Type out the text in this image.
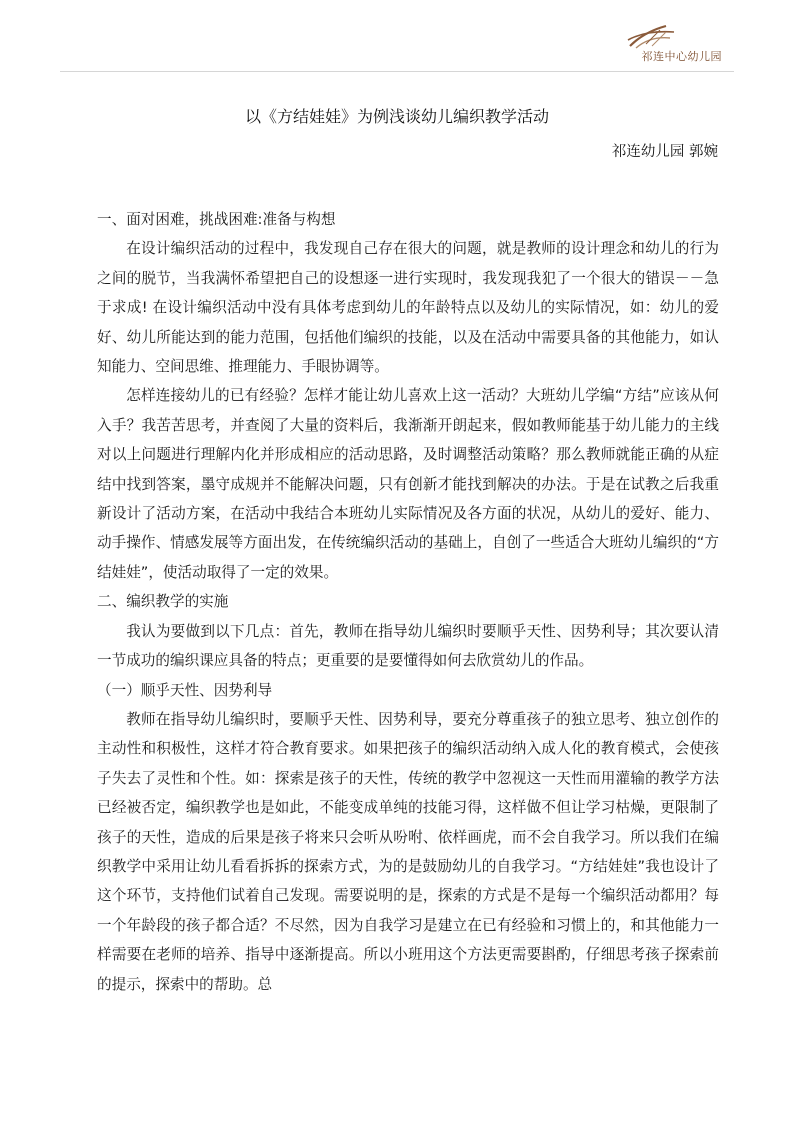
祁连中心幼儿园
以《方结娃娃》为例浅谈幼儿编织教学活动
祁连幼儿园 郭婉

一、面对困难，挑战困难:准备与构想

在设计编织活动的过程中，我发现自己存在很大的问题，就是教师的设计理念和幼儿的行为之间的脱节，当我满怀希望把自己的设想逐一进行实现时，我发现我犯了一个很大的错误－－急于求成! 在设计编织活动中没有具体考虑到幼儿的年龄特点以及幼儿的实际情况，如：幼儿的爱好、幼儿所能达到的能力范围，包括他们编织的技能，以及在活动中需要具备的其他能力，如认知能力、空间思维、推理能力、手眼协调等。

怎样连接幼儿的已有经验？怎样才能让幼儿喜欢上这一活动？大班幼儿学编“方结”应该从何入手？我苦苦思考，并查阅了大量的资料后，我渐渐开朗起来，假如教师能基于幼儿能力的主线对以上问题进行理解内化并形成相应的活动思路，及时调整活动策略？那么教师就能正确的从症结中找到答案，墨守成规并不能解决问题，只有创新才能找到解决的办法。于是在试教之后我重新设计了活动方案，在活动中我结合本班幼儿实际情况及各方面的状况，从幼儿的爱好、能力、动手操作、情感发展等方面出发，在传统编织活动的基础上，自创了一些适合大班幼儿编织的“方结娃娃”，使活动取得了一定的效果。

二、编织教学的实施

我认为要做到以下几点：首先，教师在指导幼儿编织时要顺乎天性、因势利导；其次要认清一节成功的编织课应具备的特点；更重要的是要懂得如何去欣赏幼儿的作品。

（一）顺乎天性、因势利导

教师在指导幼儿编织时，要顺乎天性、因势利导，要充分尊重孩子的独立思考、独立创作的主动性和积极性，这样才符合教育要求。如果把孩子的编织活动纳入成人化的教育模式，会使孩子失去了灵性和个性。如：探索是孩子的天性，传统的教学中忽视这一天性而用灌输的教学方法已经被否定，编织教学也是如此，不能变成单纯的技能习得，这样做不但让学习枯燥，更限制了孩子的天性，造成的后果是孩子将来只会听从吩咐、依样画虎，而不会自我学习。所以我们在编织教学中采用让幼儿看看拆拆的探索方式，为的是鼓励幼儿的自我学习。“方结娃娃”我也设计了这个环节，支持他们试着自己发现。需要说明的是，探索的方式是不是每一个编织活动都用？每一个年龄段的孩子都合适？不尽然，因为自我学习是建立在已有经验和习惯上的，和其他能力一样需要在老师的培养、指导中逐渐提高。所以小班用这个方法更需要斟酌，仔细思考孩子探索前的提示，探索中的帮助。总
